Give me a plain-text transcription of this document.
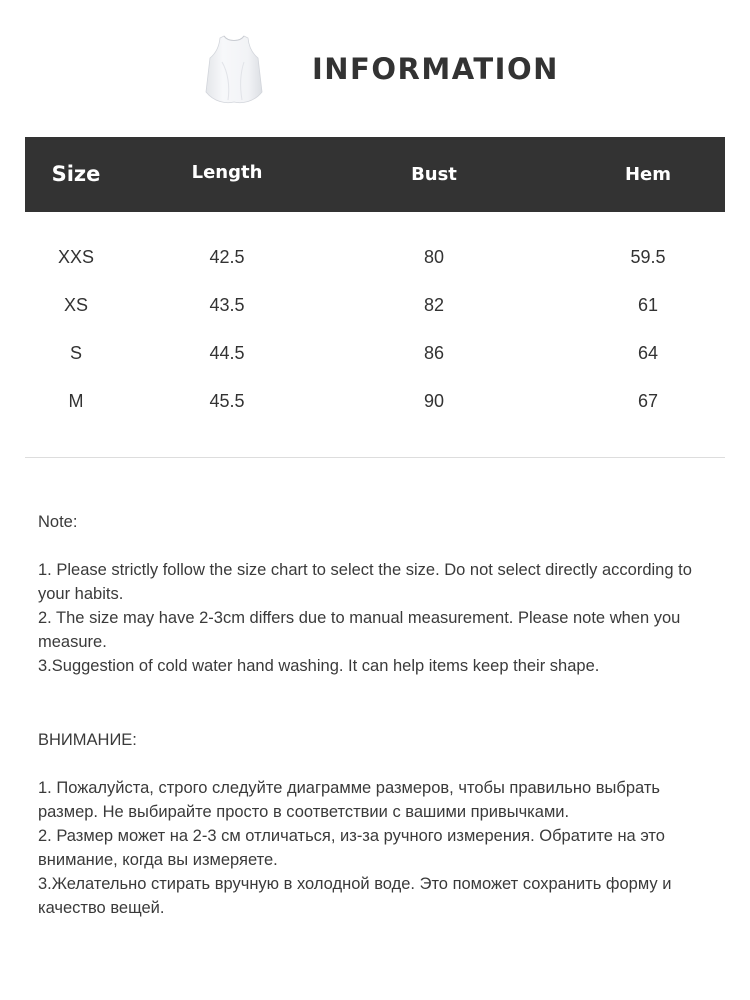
INFORMATION
Size	Length	Bust	Hem
XXS	42.5	80	59.5
XS	43.5	82	61
S	44.5	86	64
M	45.5	90	67

Note:

1. Please strictly follow the size chart to select the size. Do not select directly according to your habits.

2. The size may have 2-3cm differs due to manual measurement. Please note when you measure.

3.Suggestion of cold water hand washing. It can help items keep their shape.

ВНИМАНИЕ:

1. Пожалуйста, строго следуйте диаграмме размеров, чтобы правильно выбрать размер. Не выбирайте просто в соответствии с вашими привычками.

2. Размер может на 2-3 см отличаться, из-за ручного измерения. Обратите на это внимание, когда вы измеряете.

3.Желательно стирать вручную в холодной воде. Это поможет сохранить форму и качество вещей.
